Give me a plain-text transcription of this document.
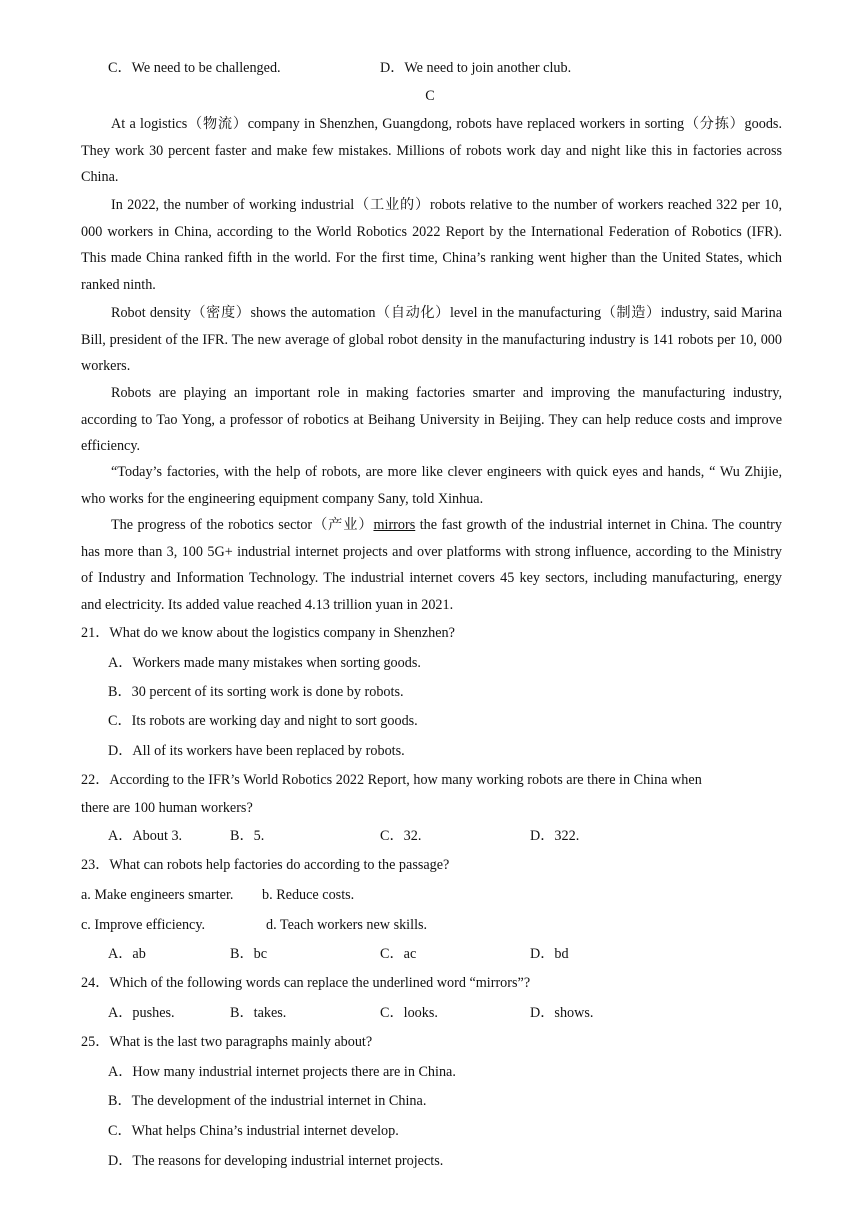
C．We need to be challenged.	D．We need to join another club.
C
At a logistics（物流）company in Shenzhen, Guangdong, robots have replaced workers in sorting（分拣）goods. They work 30 percent faster and make few mistakes. Millions of robots work day and night like this in factories across China.
In 2022, the number of working industrial（工业的）robots relative to the number of workers reached 322 per 10, 000 workers in China, according to the World Robotics 2022 Report by the International Federation of Robotics (IFR). This made China ranked fifth in the world. For the first time, China’s ranking went higher than the United States, which ranked ninth.
Robot density（密度）shows the automation（自动化）level in the manufacturing（制造）industry, said Marina Bill, president of the IFR. The new average of global robot density in the manufacturing industry is 141 robots per 10, 000 workers.
Robots are playing an important role in making factories smarter and improving the manufacturing industry, according to Tao Yong, a professor of robotics at Beihang University in Beijing. They can help reduce costs and improve efficiency.
“Today’s factories, with the help of robots, are more like clever engineers with quick eyes and hands, “ Wu Zhijie, who works for the engineering equipment company Sany, told Xinhua.
The progress of the robotics sector（产业）mirrors the fast growth of the industrial internet in China. The country has more than 3, 100 5G+ industrial internet projects and over platforms with strong influence, according to the Ministry of Industry and Information Technology. The industrial internet covers 45 key sectors, including manufacturing, energy and electricity. Its added value reached 4.13 trillion yuan in 2021.
21．What do we know about the logistics company in Shenzhen?
A．Workers made many mistakes when sorting goods.
B．30 percent of its sorting work is done by robots.
C．Its robots are working day and night to sort goods.
D．All of its workers have been replaced by robots.
22．According to the IFR’s World Robotics 2022 Report, how many working robots are there in China when
there are 100 human workers?
A．About 3.	B．5.	C．32.	D．322.
23．What can robots help factories do according to the passage?
a. Make engineers smarter. b. Reduce costs.
c. Improve efficiency.	d. Teach workers new skills.
A．ab	B．bc	C．ac	D．bd
24．Which of the following words can replace the underlined word “mirrors”?
A．pushes.	B．takes.	C．looks.	D．shows.
25．What is the last two paragraphs mainly about?
A．How many industrial internet projects there are in China.
B．The development of the industrial internet in China.
C．What helps China’s industrial internet develop.
D．The reasons for developing industrial internet projects.
